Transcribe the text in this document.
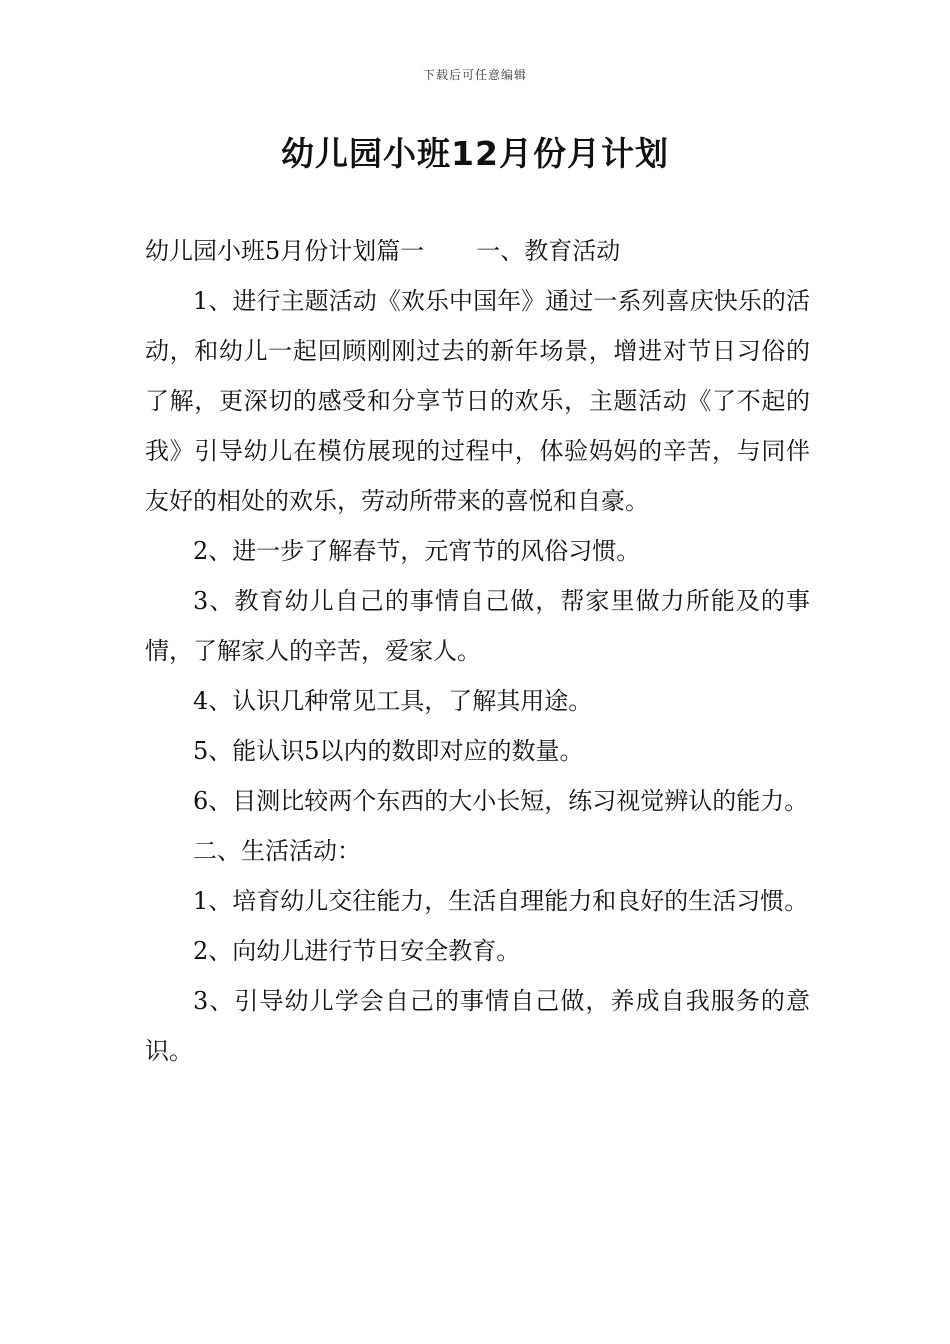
下载后可任意编辑
幼儿园小班12月份月计划

幼儿园小班5月份计划篇一 一、教育活动

1、进行主题活动《欢乐中国年》通过一系列喜庆快乐的活动，和幼儿一起回顾刚刚过去的新年场景，增进对节日习俗的了解，更深切的感受和分享节日的欢乐，主题活动《了不起的我》引导幼儿在模仿展现的过程中，体验妈妈的辛苦，与同伴友好的相处的欢乐，劳动所带来的喜悦和自豪。

2、进一步了解春节，元宵节的风俗习惯。

3、教育幼儿自己的事情自己做，帮家里做力所能及的事情，了解家人的辛苦，爱家人。

4、认识几种常见工具，了解其用途。

5、能认识5以内的数即对应的数量。

6、目测比较两个东西的大小长短，练习视觉辨认的能力。

二、生活活动：

1、培育幼儿交往能力，生活自理能力和良好的生活习惯。

2、向幼儿进行节日安全教育。

3、引导幼儿学会自己的事情自己做，养成自我服务的意识。
